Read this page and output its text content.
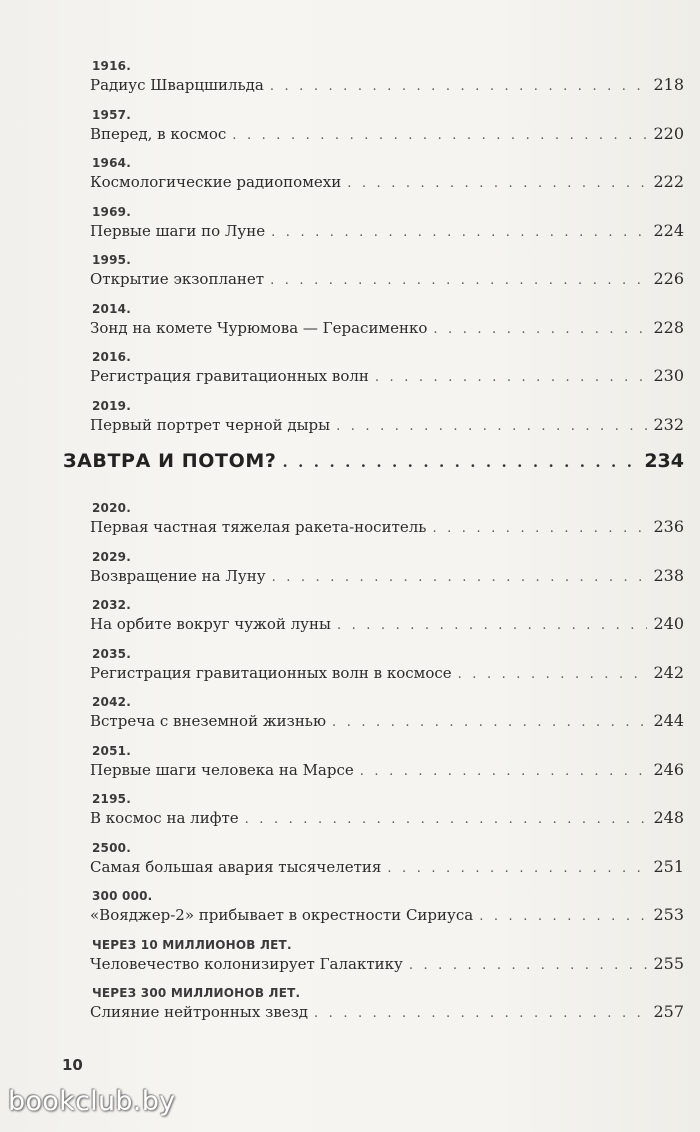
1916.
Радиус Шварцшильда . . .	218
1957.
Вперед, в космос . . .	220
1964.
Космологические радиопомехи . . .	222
1969.
Первые шаги по Луне . . .	224
1995.
Открытие экзопланет . . .	226
2014.
Зонд на комете Чурюмова — Герасименко . . .	228
2016.
Регистрация гравитационных волн . . .	230
2019.
Первый портрет черной дыры . . .	232
ЗАВТРА И ПОТОМ? . . .	234
2020.
Первая частная тяжелая ракета-носитель . . .	236
2029.
Возвращение на Луну . . .	238
2032.
На орбите вокруг чужой луны . . .	240
2035.
Регистрация гравитационных волн в космосе . . .	242
2042.
Встреча с внеземной жизнью . . .	244
2051.
Первые шаги человека на Марсе . . .	246
2195.
В космос на лифте . . .	248
2500.
Самая большая авария тысячелетия . . .	251
300 000.
«Вояджер-2» прибывает в окрестности Сириуса . . .	253
ЧЕРЕЗ 10 МИЛЛИОНОВ ЛЕТ.
Человечество колонизирует Галактику . . .	255
ЧЕРЕЗ 300 МИЛЛИОНОВ ЛЕТ.
Слияние нейтронных звезд . . .	257
10
bookclub.by
